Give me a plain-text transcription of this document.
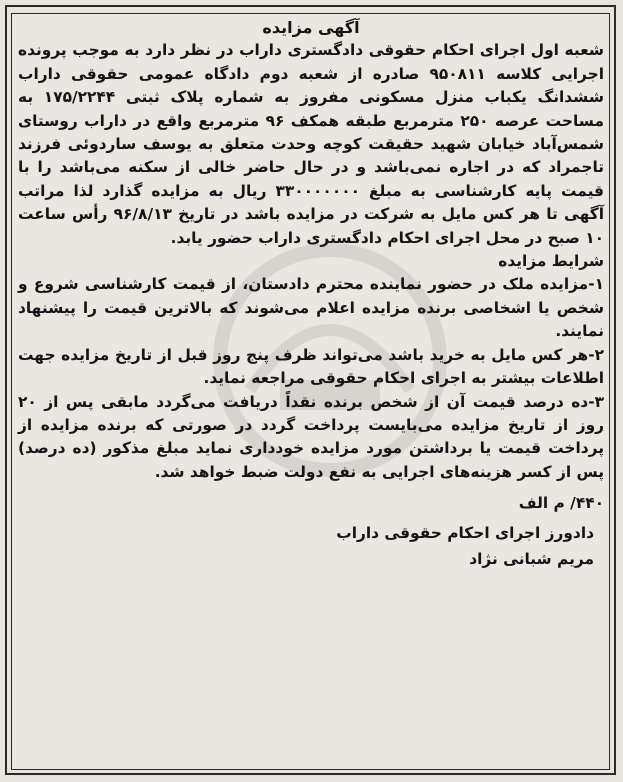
آگهی مزایده

شعبه اول اجرای احکام حقوقی دادگستری داراب در نظر دارد به موجب پرونده اجرایی کلاسه ۹۵۰۸۱۱ صادره از شعبه دوم دادگاه عمومی حقوقی داراب ششدانگ یکباب منزل مسکونی مفروز به شماره پلاک ثبتی ۱۷۵/۲۲۴۴ به مساحت عرصه ۲۵۰ مترمربع طبقه همکف ۹۶ مترمربع واقع در داراب روستای شمس‌آباد خیابان شهید حقیقت کوچه وحدت متعلق به یوسف ساردوئی فرزند تاجمراد که در اجاره نمی‌باشد و در حال حاضر خالی از سکنه می‌باشد را با قیمت پایه کارشناسی به مبلغ ۳۳۰۰۰۰۰۰۰ ریال به مزایده گذارد لذا مراتب آگهی تا هر کس مایل به شرکت در مزایده باشد در تاریخ ۹۶/۸/۱۳ رأس ساعت ۱۰ صبح در محل اجرای احکام دادگستری داراب حضور یابد.

شرایط مزایده

۱-مزایده ملک در حضور نماینده محترم دادستان، از قیمت کارشناسی شروع و شخص یا اشخاصی برنده مزایده اعلام می‌شوند که بالاترین قیمت را پیشنهاد نمایند.

۲-هر کس مایل به خرید باشد می‌تواند ظرف پنج روز قبل از تاریخ مزایده جهت اطلاعات بیشتر به اجرای احکام حقوقی مراجعه نماید.

۳-ده درصد قیمت آن از شخص برنده نقداً دریافت می‌گردد مابقی پس از ۲۰ روز از تاریخ مزایده می‌بایست پرداخت گردد در صورتی که برنده مزایده از پرداخت قیمت یا برداشتن مورد مزایده خودداری نماید مبلغ مذکور (ده درصد) پس از کسر هزینه‌های اجرایی به نفع دولت ضبط خواهد شد.

۴۴۰/ م الف
دادورز اجرای احکام حقوقی داراب
مریم شبانی نژاد
